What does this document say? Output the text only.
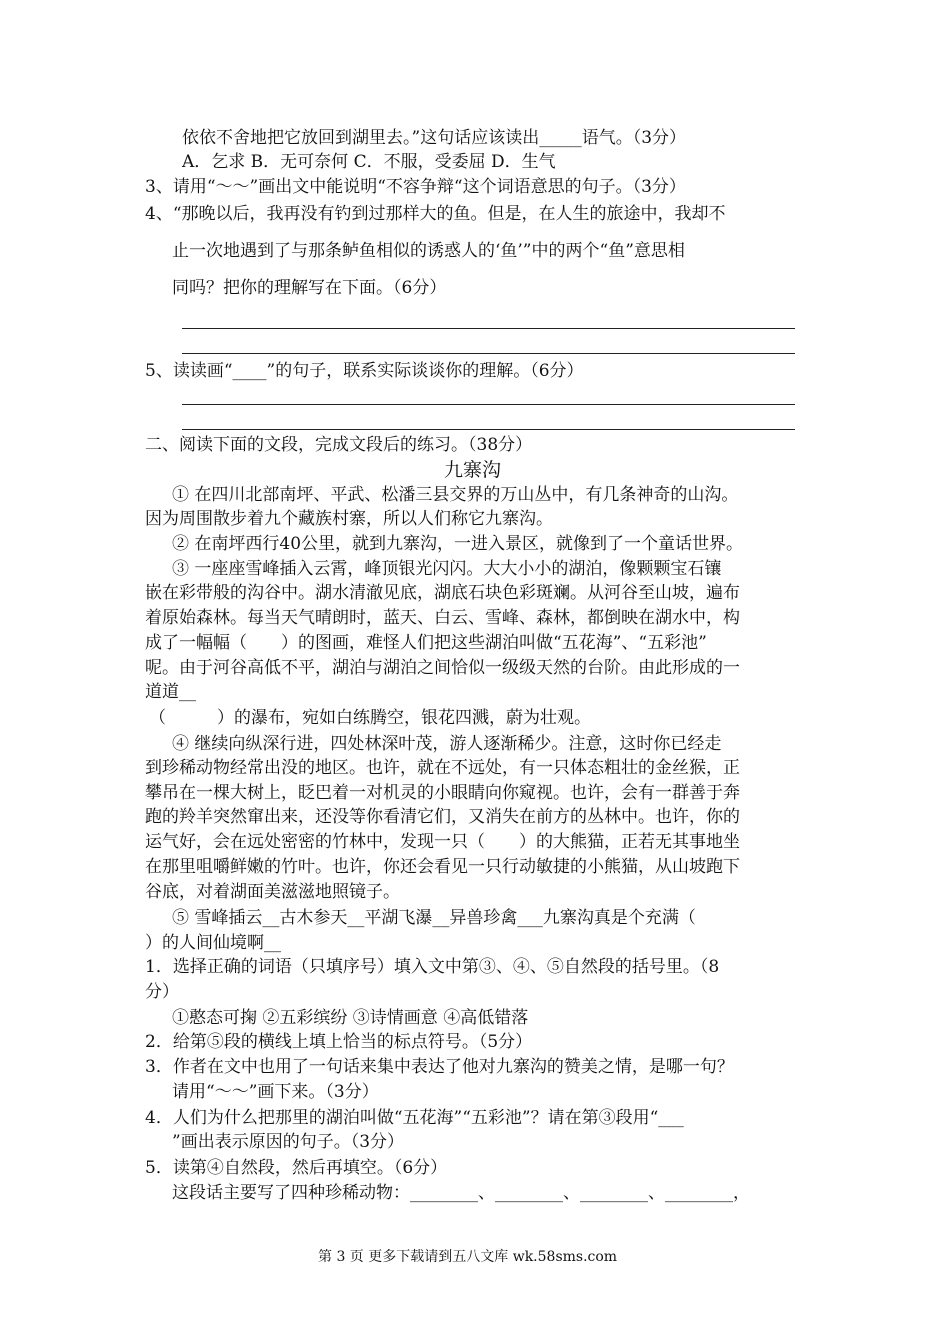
依依不舍地把它放回到湖里去。”这句话应该读出_____语气。（3分）
A．乞求 B．无可奈何 C．不服，受委屈 D．生气
3、请用“～～”画出文中能说明“不容争辩“这个词语意思的句子。（3分）
4、“那晚以后，我再没有钓到过那样大的鱼。但是，在人生的旅途中，我却不
止一次地遇到了与那条鲈鱼相似的诱惑人的‘鱼’”中的两个“鱼”意思相
同吗？把你的理解写在下面。（6分）
5、读读画“____”的句子，联系实际谈谈你的理解。（6分）
二、阅读下面的文段，完成文段后的练习。（38分）
九寨沟
① 在四川北部南坪、平武、松潘三县交界的万山丛中，有几条神奇的山沟。
因为周围散步着九个藏族村寨，所以人们称它九寨沟。
② 在南坪西行40公里，就到九寨沟，一进入景区，就像到了一个童话世界。
③ 一座座雪峰插入云霄，峰顶银光闪闪。大大小小的湖泊，像颗颗宝石镶
嵌在彩带般的沟谷中。湖水清澈见底，湖底石块色彩斑斓。从河谷至山坡，遍布
着原始森林。每当天气晴朗时，蓝天、白云、雪峰、森林，都倒映在湖水中，构
成了一幅幅（　　）的图画，难怪人们把这些湖泊叫做“五花海”、“五彩池”
呢。由于河谷高低不平，湖泊与湖泊之间恰似一级级天然的台阶。由此形成的一
道道__
（　　　）的瀑布，宛如白练腾空，银花四溅，蔚为壮观。
④ 继续向纵深行进，四处林深叶茂，游人逐渐稀少。注意，这时你已经走
到珍稀动物经常出没的地区。也许，就在不远处，有一只体态粗壮的金丝猴，正
攀吊在一棵大树上，眨巴着一对机灵的小眼睛向你窥视。也许，会有一群善于奔
跑的羚羊突然窜出来，还没等你看清它们，又消失在前方的丛林中。也许，你的
运气好，会在远处密密的竹林中，发现一只（　　）的大熊猫，正若无其事地坐
在那里咀嚼鲜嫩的竹叶。也许，你还会看见一只行动敏捷的小熊猫，从山坡跑下
谷底，对着湖面美滋滋地照镜子。
⑤ 雪峰插云__古木参天__平湖飞瀑__异兽珍禽___九寨沟真是个充满（
）的人间仙境啊__
1．选择正确的词语（只填序号）填入文中第③、④、⑤自然段的括号里。（8
分）
①憨态可掬 ②五彩缤纷 ③诗情画意 ④高低错落
2．给第⑤段的横线上填上恰当的标点符号。（5分）
3．作者在文中也用了一句话来集中表达了他对九寨沟的赞美之情，是哪一句？
请用“～～”画下来。（3分）
4．人们为什么把那里的湖泊叫做“五花海”“五彩池”？请在第③段用“___
”画出表示原因的句子。（3分）
5．读第④自然段，然后再填空。（6分）
这段话主要写了四种珍稀动物：________、________、________、________，
第 3 页 更多下载请到五八文库 wk.58sms.com
